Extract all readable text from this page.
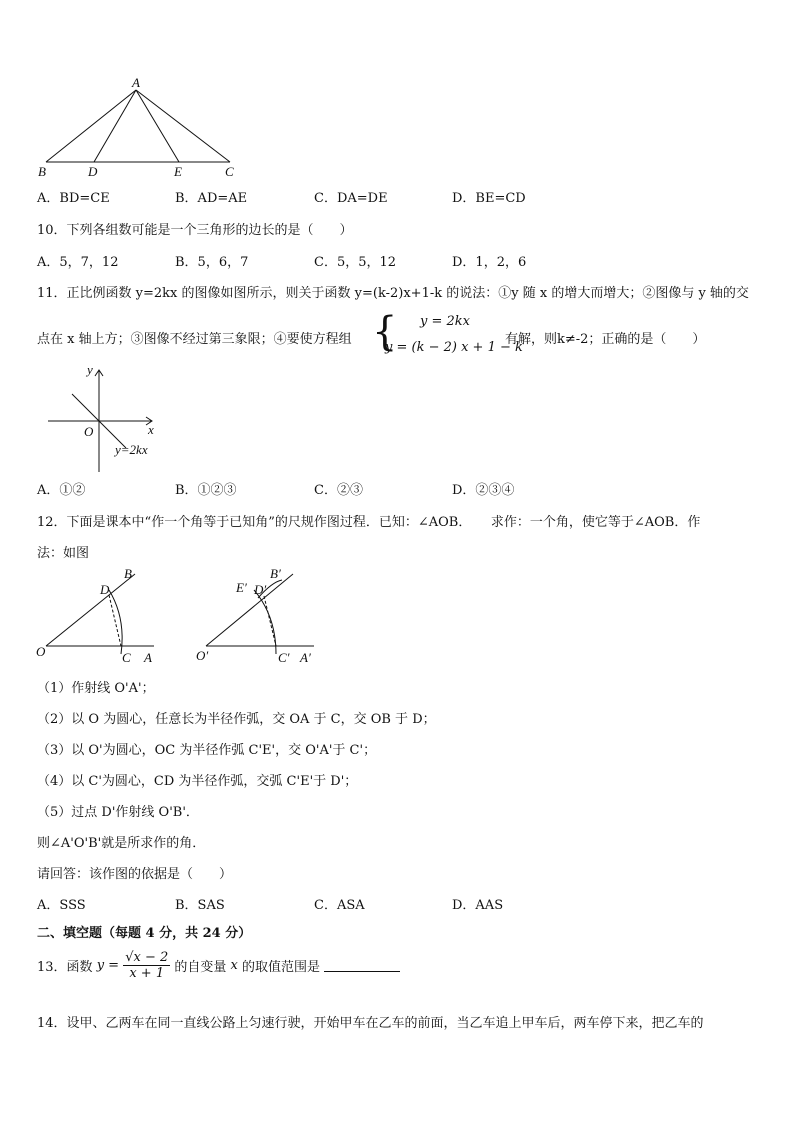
A
B	D	E	C
A．BD=CE	B．AD=AE	C．DA=DE	D．BE=CD
10．下列各组数可能是一个三角形的边长的是（　　）
A．5，7，12	B．5，6，7	C．5，5，12	D．1，2，6
11．正比例函数 y=2kx 的图像如图所示，则关于函数 y=(k-2)x+1-k 的说法：①y 随 x 的增大而增大；②图像与 y 轴的交
点在 x 轴上方；③图像不经过第三象限；④要使方程组 { y = 2kx
y = (k − 2) x + 1 − k
有解，则k≠-2；正确的是（　　）
y
x
O
y=2kx
A．①②	B．①②③	C．②③	D．②③④
12．下面是课本中“作一个角等于已知角”的尺规作图过程．已知：∠AOB．　　求作：一个角，使它等于∠AOB．作
法：如图
B
D
O	C A
B′
E′ D′
O′	C′ A′
（1）作射线 O'A'；
（2）以 O 为圆心，任意长为半径作弧，交 OA 于 C，交 OB 于 D；
（3）以 O'为圆心，OC 为半径作弧 C'E'，交 O'A'于 C'；
（4）以 C'为圆心，CD 为半径作弧，交弧 C'E'于 D'；
（5）过点 D'作射线 O'B'．
则∠A'O'B'就是所求作的角．
请回答：该作图的依据是（　　）
A．SSS	B．SAS	C．ASA	D．AAS
二、填空题（每题 4 分，共 24 分）
13．函数 $y = \frac{√x - 2}{x + 1}$ 的自变量 x 的取值范围是
14．设甲、乙两车在同一直线公路上匀速行驶，开始甲车在乙车的前面，当乙车追上甲车后，两车停下来，把乙车的
